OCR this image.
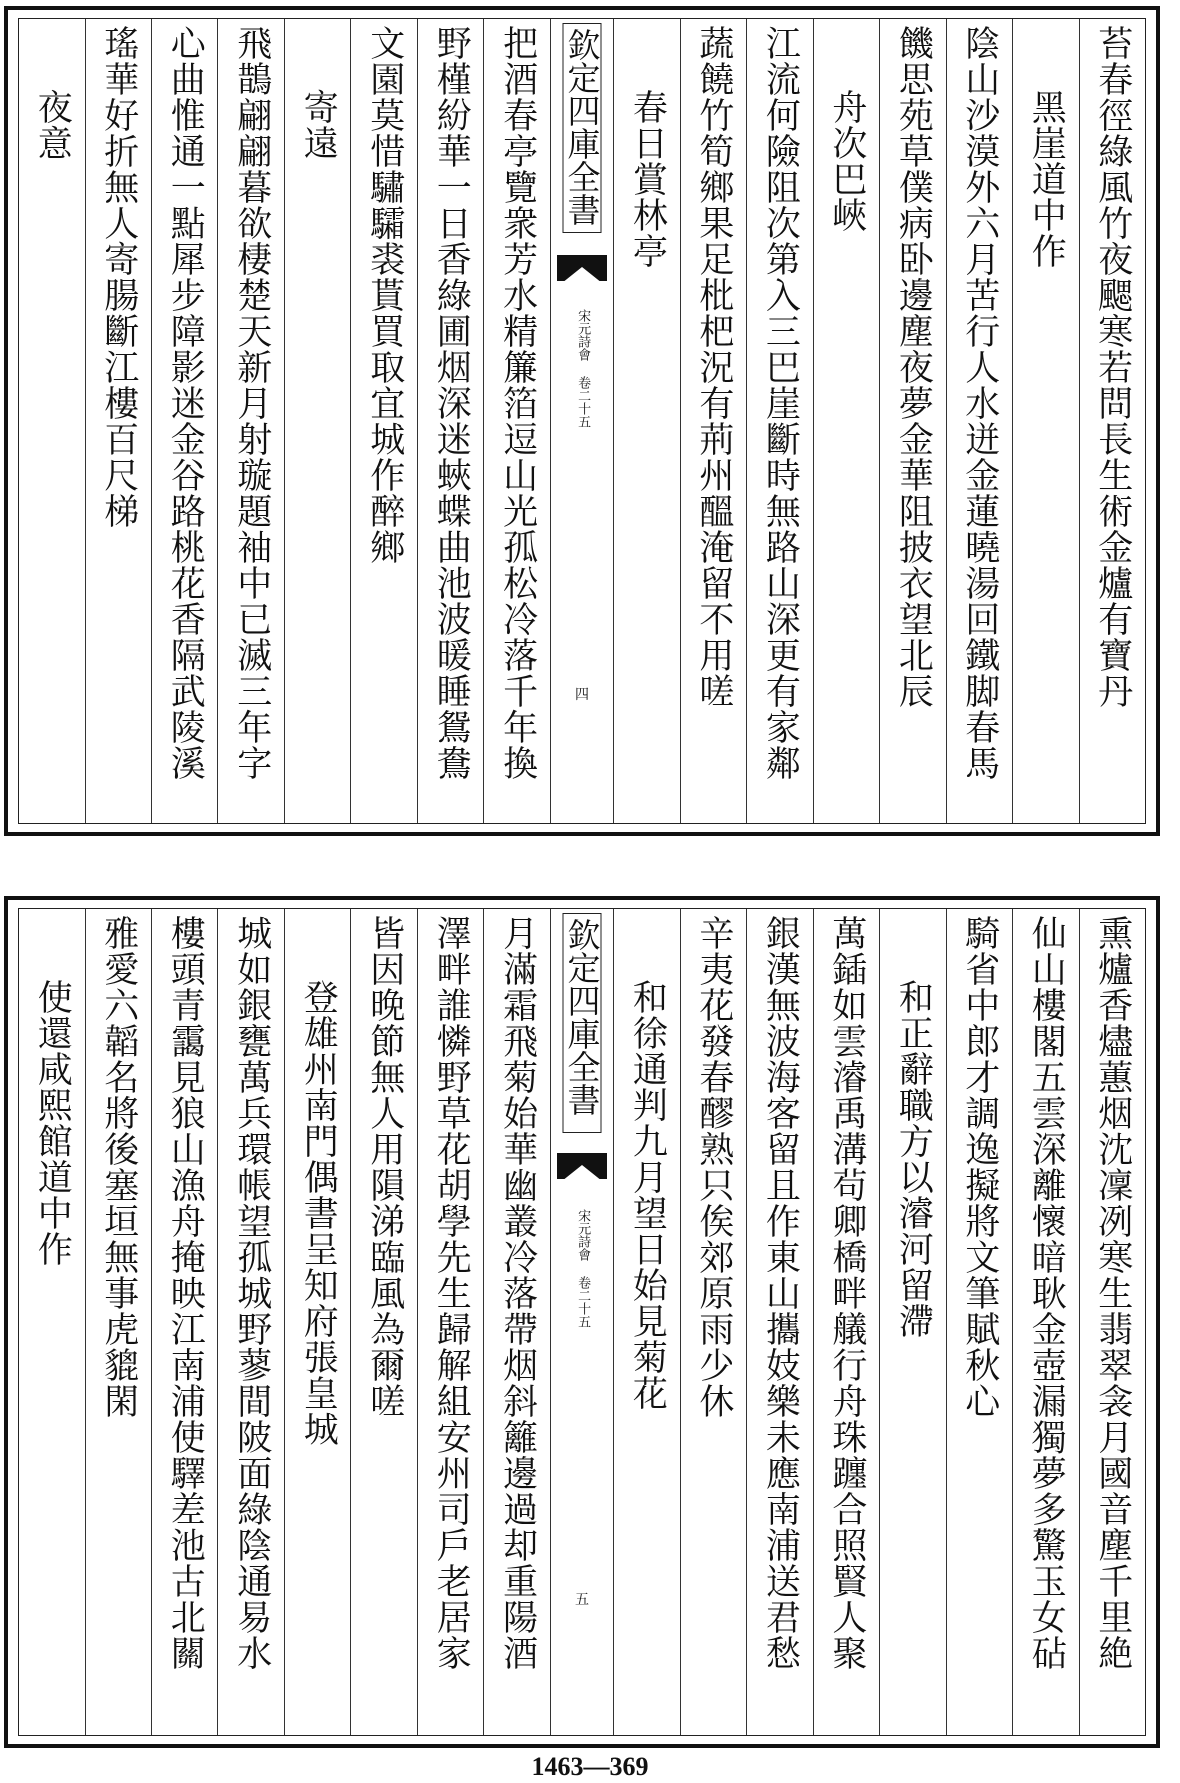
苔春徑綠風竹夜颸寒若問長生術金爐有寶丹
黑崖道中作
陰山沙漠外六月苦行人水迸金蓮曉湯回鐵脚春馬
饑思苑草僕病卧邊塵夜夢金華阻披衣望北辰
舟次巴峽
江流何險阻次第入三巴崖斷時無路山深更有家鄰
蔬饒竹筍鄉果足枇杷況有荊州醞淹留不用嗟
春日賞林亭
欽定四庫全書
宋元詩會 卷二十五
四
把酒春亭覽衆芳水精簾箔逗山光孤松冷落千年換
野槿紛華一日香綠圃烟深迷蛺蝶曲池波暖睡鴛鴦
文園莫惜驌驦裘貰買取宜城作醉鄉
寄遠
飛鵲翩翩暮欲棲楚天新月射璇題袖中已滅三年字
心曲惟通一點犀步障影迷金谷路桃花香隔武陵溪
瑤華好折無人寄腸斷江樓百尺梯
夜意
熏爐香燼蕙烟沈凜冽寒生翡翠衾月國音塵千里絶
仙山樓閣五雲深離懷暗耿金壺漏獨夢多驚玉女砧
騎省中郎才調逸擬將文筆賦秋心
和正辭職方以濬河留滯
萬鍤如雲濬禹溝茍卿橋畔艤行舟珠躔合照賢人聚
銀漢無波海客留且作東山攜妓樂未應南浦送君愁
辛夷花發春醪熟只俟郊原雨少休
和徐通判九月望日始見菊花
欽定四庫全書
宋元詩會 卷二十五
五
月滿霜飛菊始華幽叢冷落帶烟斜籬邊過却重陽酒
澤畔誰憐野草花胡學先生歸解組安州司戶老居家
皆因晚節無人用隕涕臨風為爾嗟
登雄州南門偶書呈知府張皇城
城如銀甕萬兵環帳望孤城野蓼間陂面綠陰通易水
樓頭青靄見狼山漁舟掩映江南浦使驛差池古北關
雅愛六韜名將後塞垣無事虎貔閑
使還咸熙館道中作
1463—369
